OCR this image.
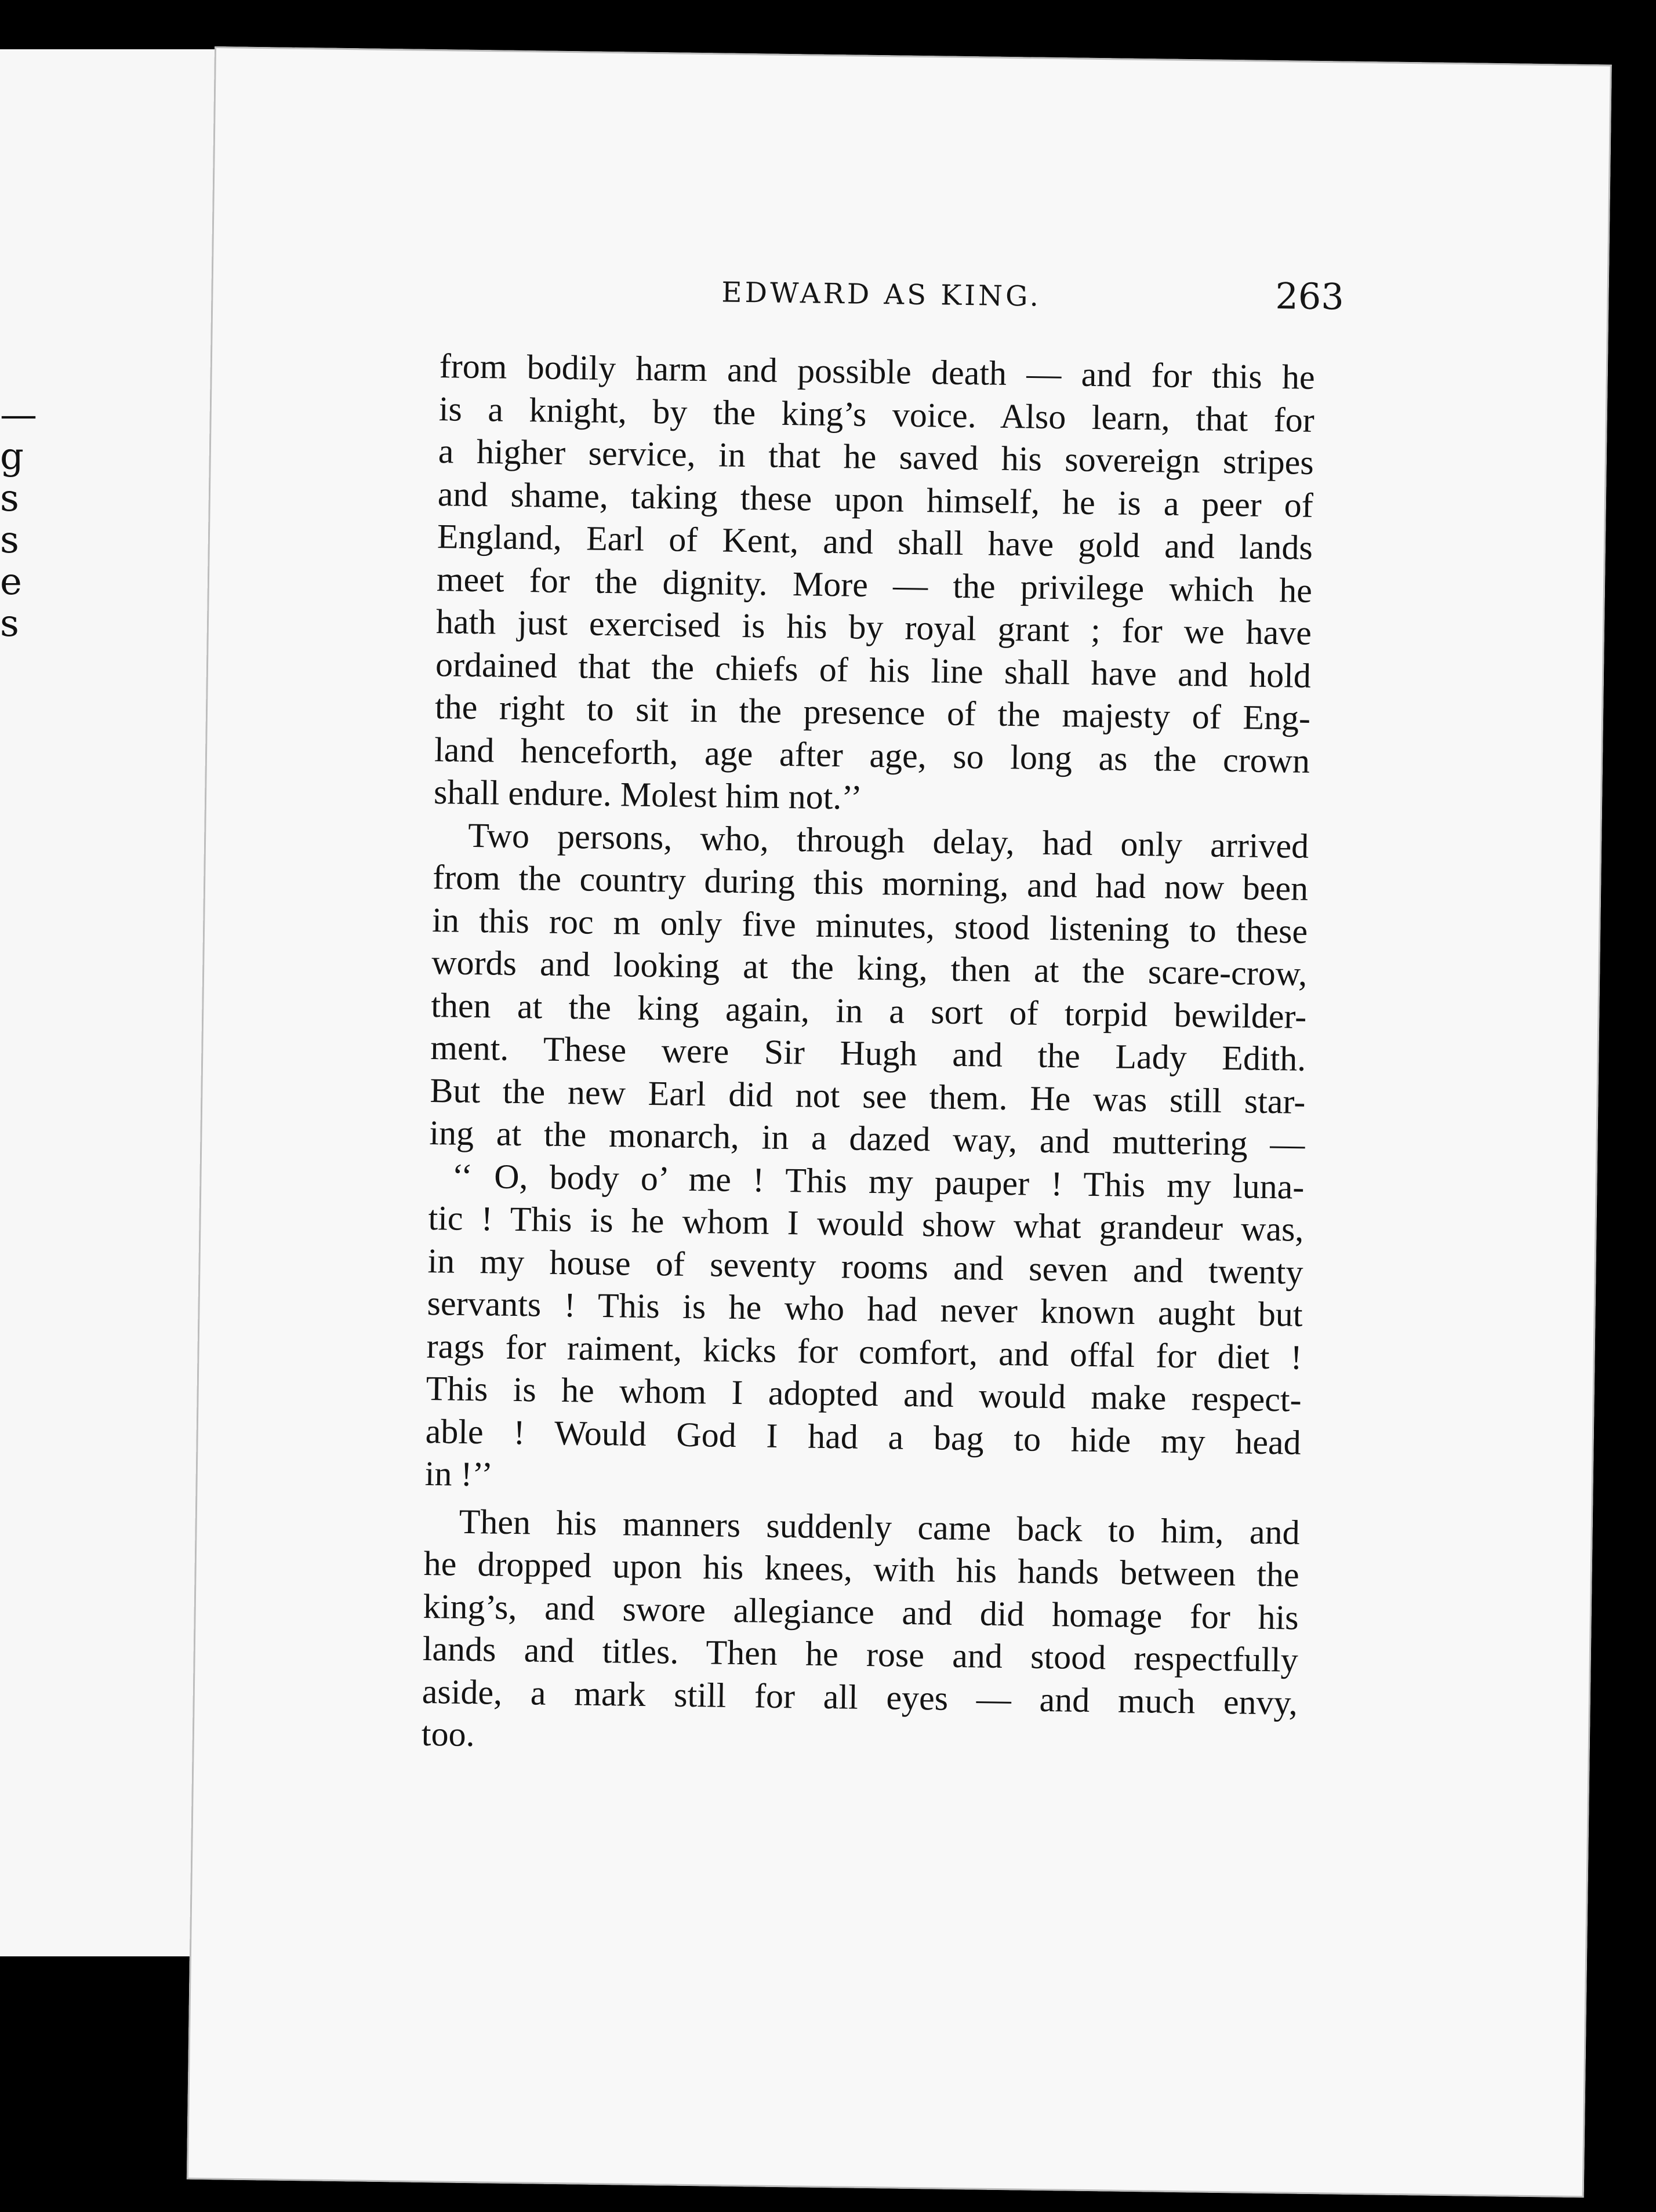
—
g
s
s
e
s
EDWARD AS KING.	263
from bodily harm and possible death — and for this he
is a knight, by the king’s voice. Also learn, that for
a higher service, in that he saved his sovereign stripes
and shame, taking these upon himself, he is a peer of
England, Earl of Kent, and shall have gold and lands
meet for the dignity. More — the privilege which he
hath just exercised is his by royal grant ; for we have
ordained that the chiefs of his line shall have and hold
the right to sit in the presence of the majesty of Eng-
land henceforth, age after age, so long as the crown
shall endure. Molest him not.’’
Two persons, who, through delay, had only arrived
from the country during this morning, and had now been
in this roc m only five minutes, stood listening to these
words and looking at the king, then at the scare-crow,
then at the king again, in a sort of torpid bewilder-
ment. These were Sir Hugh and the Lady Edith.
But the new Earl did not see them. He was still star-
ing at the monarch, in a dazed way, and muttering —
‘‘ O, body o’ me ! This my pauper ! This my luna-
tic ! This is he whom I would show what grandeur was,
in my house of seventy rooms and seven and twenty
servants ! This is he who had never known aught but
rags for raiment, kicks for comfort, and offal for diet !
This is he whom I adopted and would make respect-
able ! Would God I had a bag to hide my head
in !’’
Then his manners suddenly came back to him, and
he dropped upon his knees, with his hands between the
king’s, and swore allegiance and did homage for his
lands and titles. Then he rose and stood respectfully
aside, a mark still for all eyes — and much envy,
too.
